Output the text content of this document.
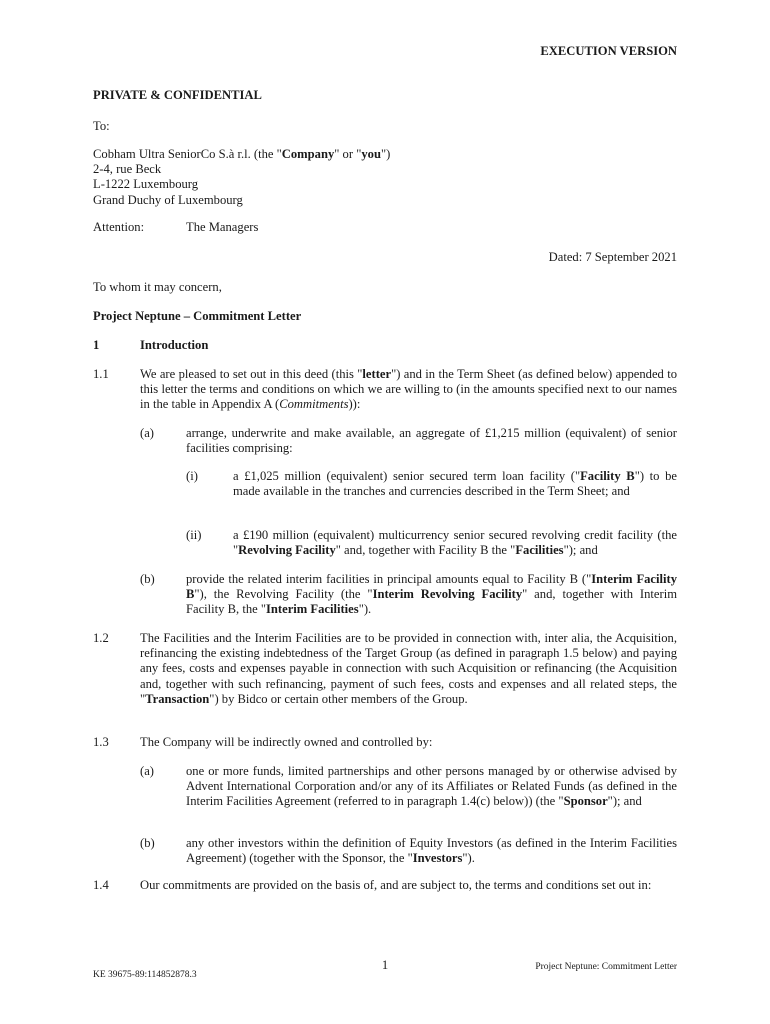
EXECUTION VERSION
PRIVATE & CONFIDENTIAL
To:
Cobham Ultra SeniorCo S.à r.l. (the "Company" or "you")
2-4, rue Beck
L-1222 Luxembourg
Grand Duchy of Luxembourg
Attention:	The Managers
Dated: 7 September 2021
To whom it may concern,
Project Neptune – Commitment Letter
1	Introduction
1.1 We are pleased to set out in this deed (this "letter") and in the Term Sheet (as defined below) appended to this letter the terms and conditions on which we are willing to (in the amounts specified next to our names in the table in Appendix A (Commitments)):
(a)	arrange, underwrite and make available, an aggregate of £1,215 million (equivalent) of senior facilities comprising:
(i)	a £1,025 million (equivalent) senior secured term loan facility ("Facility B") to be made available in the tranches and currencies described in the Term Sheet; and
(ii)	a £190 million (equivalent) multicurrency senior secured revolving credit facility (the "Revolving Facility" and, together with Facility B the "Facilities"); and
(b) provide the related interim facilities in principal amounts equal to Facility B ("Interim Facility B"), the Revolving Facility (the "Interim Revolving Facility" and, together with Interim Facility B, the "Interim Facilities").
1.2 The Facilities and the Interim Facilities are to be provided in connection with, inter alia, the Acquisition, refinancing the existing indebtedness of the Target Group (as defined in paragraph 1.5 below) and paying any fees, costs and expenses payable in connection with such Acquisition or refinancing (the Acquisition and, together with such refinancing, payment of such fees, costs and expenses and all related steps, the "Transaction") by Bidco or certain other members of the Group.
1.3 The Company will be indirectly owned and controlled by:
(a)	one or more funds, limited partnerships and other persons managed by or otherwise advised by Advent International Corporation and/or any of its Affiliates or Related Funds (as defined in the Interim Facilities Agreement (referred to in paragraph 1.4(c) below)) (the "Sponsor"); and
(b) any other investors within the definition of Equity Investors (as defined in the Interim Facilities Agreement) (together with the Sponsor, the "Investors").
1.4 Our commitments are provided on the basis of, and are subject to, the terms and conditions set out in:
1	Project Neptune: Commitment Letter
KE 39675-89:114852878.3
